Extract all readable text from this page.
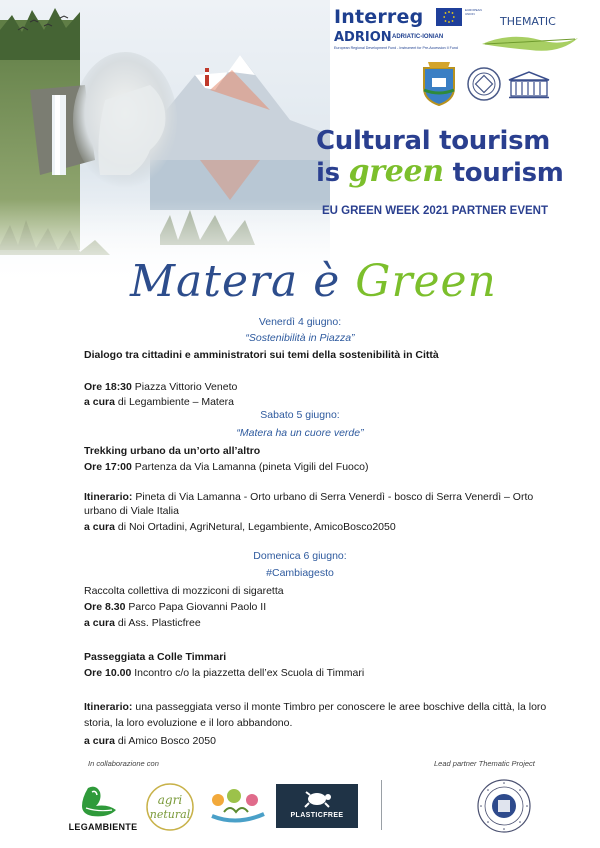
Interreg
ADRION ADRIATIC-IONIAN
European Regional Development Fund - Instrument for Pre-Accession II Fund
EUROPEAN UNION
THEMATIC
Cultural tourism
is green tourism
EU GREEN WEEK 2021 PARTNER EVENT
Matera è Green
Venerdì 4 giugno:
“Sostenibilità in Piazza”
Dialogo tra cittadini e amministratori sui temi della sostenibilità in Città
Ore 18:30 Piazza Vittorio Veneto
a cura di Legambiente – Matera
Sabato 5 giugno:
“Matera ha un cuore verde”
Trekking urbano da un’orto all’altro
Ore 17:00 Partenza da Via Lamanna (pineta Vigili del Fuoco)
Itinerario: Pineta di Via Lamanna - Orto urbano di Serra Venerdì - bosco di Serra Venerdì – Orto
urbano di Viale Italia
a cura di Noi Ortadini, AgriNetural, Legambiente, AmicoBosco2050
Domenica 6 giugno:
#Cambiagesto
Raccolta collettiva di mozziconi di sigaretta
Ore 8.30 Parco Papa Giovanni Paolo II
a cura di Ass. Plasticfree
Passeggiata a Colle Timmari
Ore 10.00 Incontro c/o la piazzetta dell’ex Scuola di Timmari
Itinerario: una passeggiata verso il monte Timbro per conoscere le aree boschive della città, la loro
storia, la loro evoluzione e il loro abbandono.
a cura di Amico Bosco 2050
In collaborazione con	Lead partner Thematic Project
LEGAMBIENTE
agri
netural	PLASTICFREE
